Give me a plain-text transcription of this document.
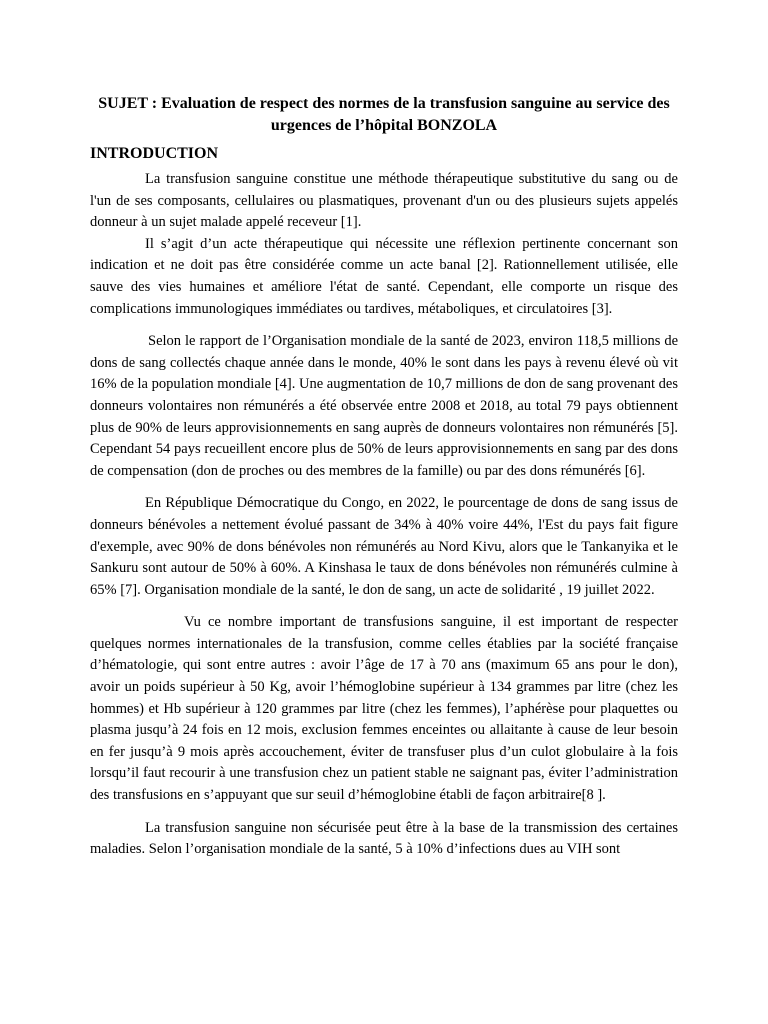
SUJET : Evaluation de respect des normes de la transfusion sanguine au service des urgences de l’hôpital BONZOLA
INTRODUCTION

La transfusion sanguine constitue une méthode thérapeutique substitutive du sang ou de l'un de ses composants, cellulaires ou plasmatiques, provenant d'un ou des plusieurs sujets appelés donneur à un sujet malade appelé receveur [1].

Il s’agit d’un acte thérapeutique qui nécessite une réflexion pertinente concernant son indication et ne doit pas être considérée comme un acte banal [2]. Rationnellement utilisée, elle sauve des vies humaines et améliore l'état de santé. Cependant, elle comporte un risque des complications immunologiques immédiates ou tardives, métaboliques, et circulatoires [3].

Selon le rapport de l’Organisation mondiale de la santé de 2023, environ 118,5 millions de dons de sang collectés chaque année dans le monde, 40% le sont dans les pays à revenu élevé où vit 16% de la population mondiale [4]. Une augmentation de 10,7 millions de don de sang provenant des donneurs volontaires non rémunérés a été observée entre 2008 et 2018, au total 79 pays obtiennent plus de 90% de leurs approvisionnements en sang auprès de donneurs volontaires non rémunérés [5]. Cependant 54 pays recueillent encore plus de 50% de leurs approvisionnements en sang par des dons de compensation (don de proches ou des membres de la famille) ou par des dons rémunérés [6].

En République Démocratique du Congo, en 2022, le pourcentage de dons de sang issus de donneurs bénévoles a nettement évolué passant de 34% à 40% voire 44%, l'Est du pays fait figure d'exemple, avec 90% de dons bénévoles non rémunérés au Nord Kivu, alors que le Tankanyika et le Sankuru sont autour de 50% à 60%. A Kinshasa le taux de dons bénévoles non rémunérés culmine à 65% [7]. Organisation mondiale de la santé, le don de sang, un acte de solidarité , 19 juillet 2022.

Vu ce nombre important de transfusions sanguine, il est important de respecter quelques normes internationales de la transfusion, comme celles établies par la société française d’hématologie, qui sont entre autres : avoir l’âge de 17 à 70 ans (maximum 65 ans pour le don), avoir un poids supérieur à 50 Kg, avoir l’hémoglobine supérieur à 134 grammes par litre (chez les hommes) et Hb supérieur à 120 grammes par litre (chez les femmes), l’aphérèse pour plaquettes ou plasma jusqu’à 24 fois en 12 mois, exclusion femmes enceintes ou allaitante à cause de leur besoin en fer jusqu’à 9 mois après accouchement, éviter de transfuser plus d’un culot globulaire à la fois lorsqu’il faut recourir à une transfusion chez un patient stable ne saignant pas, éviter l’administration des transfusions en s’appuyant que sur seuil d’hémoglobine établi de façon arbitraire[8 ].

La transfusion sanguine non sécurisée peut être à la base de la transmission des certaines maladies. Selon l’organisation mondiale de la santé, 5 à 10% d’infections dues au VIH sont
